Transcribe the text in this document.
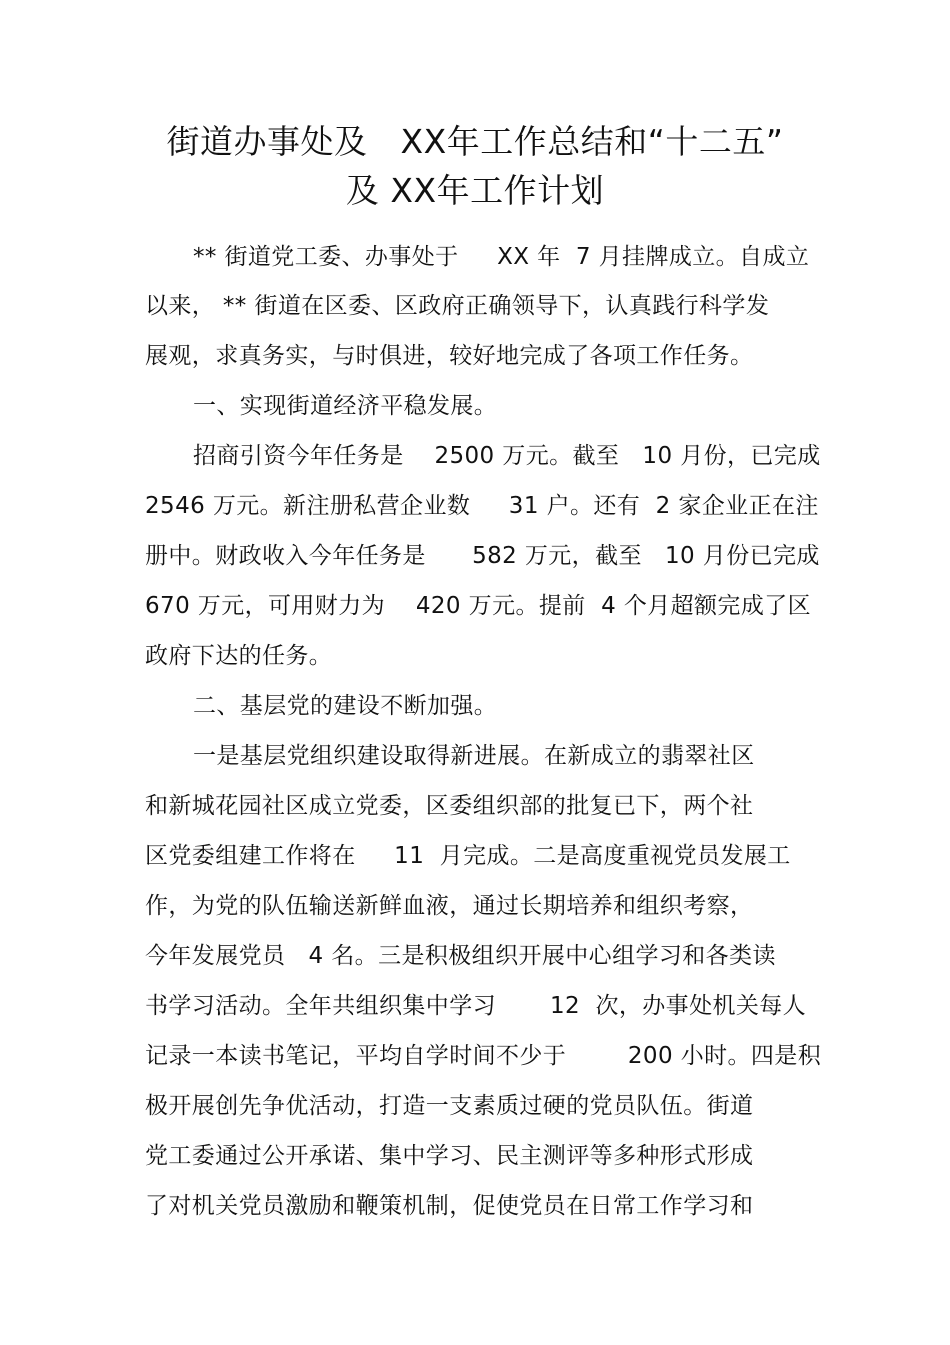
街道办事处及   XX年工作总结和“十二五”
及 XX年工作计划
** 街道党工委、办事处于     XX 年  7 月挂牌成立。自成立
以来， ** 街道在区委、区政府正确领导下，认真践行科学发
展观，求真务实，与时俱进，较好地完成了各项工作任务。
一、实现街道经济平稳发展。
招商引资今年任务是    2500 万元。截至   10 月份，已完成
2546 万元。新注册私营企业数     31 户。还有  2 家企业正在注
册中。财政收入今年任务是      582 万元，截至   10 月份已完成
670 万元，可用财力为    420 万元。提前  4 个月超额完成了区
政府下达的任务。
二、基层党的建设不断加强。
一是基层党组织建设取得新进展。在新成立的翡翠社区
和新城花园社区成立党委，区委组织部的批复已下，两个社
区党委组建工作将在     11  月完成。二是高度重视党员发展工
作，为党的队伍输送新鲜血液，通过长期培养和组织考察，
今年发展党员   4 名。三是积极组织开展中心组学习和各类读
书学习活动。全年共组织集中学习       12  次，办事处机关每人
记录一本读书笔记，平均自学时间不少于        200 小时。四是积
极开展创先争优活动，打造一支素质过硬的党员队伍。街道
党工委通过公开承诺、集中学习、民主测评等多种形式形成
了对机关党员激励和鞭策机制，促使党员在日常工作学习和
